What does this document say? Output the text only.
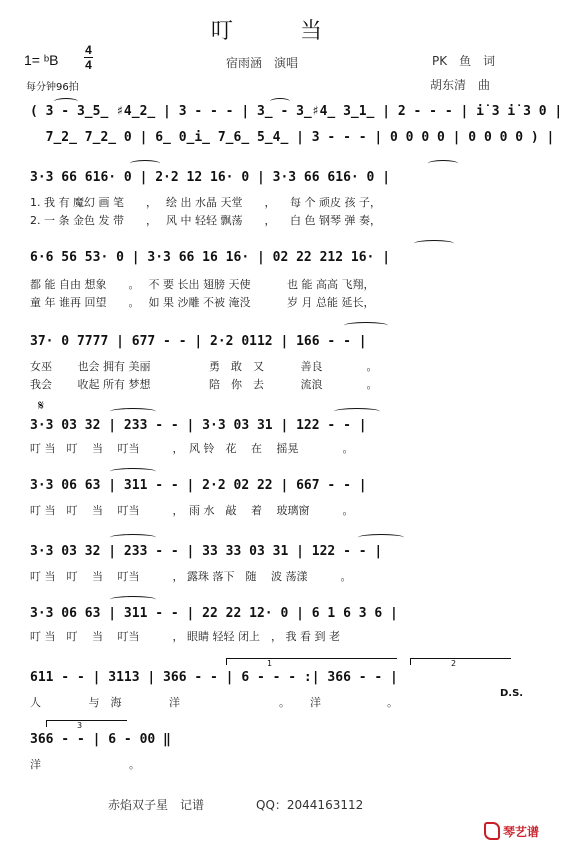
叮 当
1= ᵇB
4
4
每分钟96拍
宿雨涵　演唱	PK　鱼　词
胡东清　曲
( 3 - 3̲5̲ ♯4̲2̲ | 3 - - - | 3̲ - 3̲♯4̲ 3̲1̲ | 2 - - - | i̇ 3 i̇ 3 0 |
7̲2̲ 7̲2̲ 0 | 6̲ 0̲i̲ 7̲6̲ 5̲4̲ | 3 - - - | 0 0 0 0 | 0 0 0 0 ) |
3·3 66 616· 0 | 2·2 12 16· 0 | 3·3 66 616· 0 |
1. 我 有 魔幻 画 笔　　，　 绘 出 水晶 天堂　　， 　每 个 顽皮 孩 子，
2. 一 条 金色 发 带　　，　 风 中 轻轻 飘荡　　， 　白 色 钢琴 弹 奏，
6·6 56 53· 0 | 3·3 66 16 16· | 02 22 212 16· |
都 能 自由 想象　　。　 不 要 长出 翅膀 天使　　　 也 能 高高 飞翔，
童 年 谁再 回望　　。　 如 果 沙雕 不被 淹没　　　 岁 月 总能 延长，
37· 0 7777 | 677 - - | 2·2 0112 | 166 - - |
女巫　　 也会 拥有 美丽　　　　　 勇　敢　又　　　 善良　　　　。
我会　　 收起 所有 梦想　　　　　 陪　你　去　　　 流浪　　　　。
𝄋
3·3 03 32 | 233 - - | 3·3 03 31 | 122 - - |
叮 当　叮　 当　 叮当　　　，　风 铃　花　 在　 摇晃　　　　。
3·3 06 63 | 311 - - | 2·2 02 22 | 667 - - |
叮 当　叮　 当　 叮当　　　，　雨 水　敲　 着　 玻璃窗　　　。
3·3 03 32 | 233 - - | 33 33 03 31 | 122 - - |
叮 当　叮　 当　 叮当　　　， 露珠 落下　随　 波 荡漾　　　。
3·3 06 63 | 311 - - | 22 22 12· 0 | 6 1 6 3 6 |
叮 当　叮　 当　 叮当　　　， 眼睛 轻轻 闭上　， 我 看 到 老
1	2
611 - - | 3113 | 366 - - | 6 - - - :| 366 - - |
D.S.
人　　　　 与　海　　　　 洋　　　　　　　　　。　　 洋　　　　　　。
3
366 - - | 6 - 00 ‖
洋　　　　　　　　。
赤焰双子星　记谱	QQ：2044163112
琴艺谱
